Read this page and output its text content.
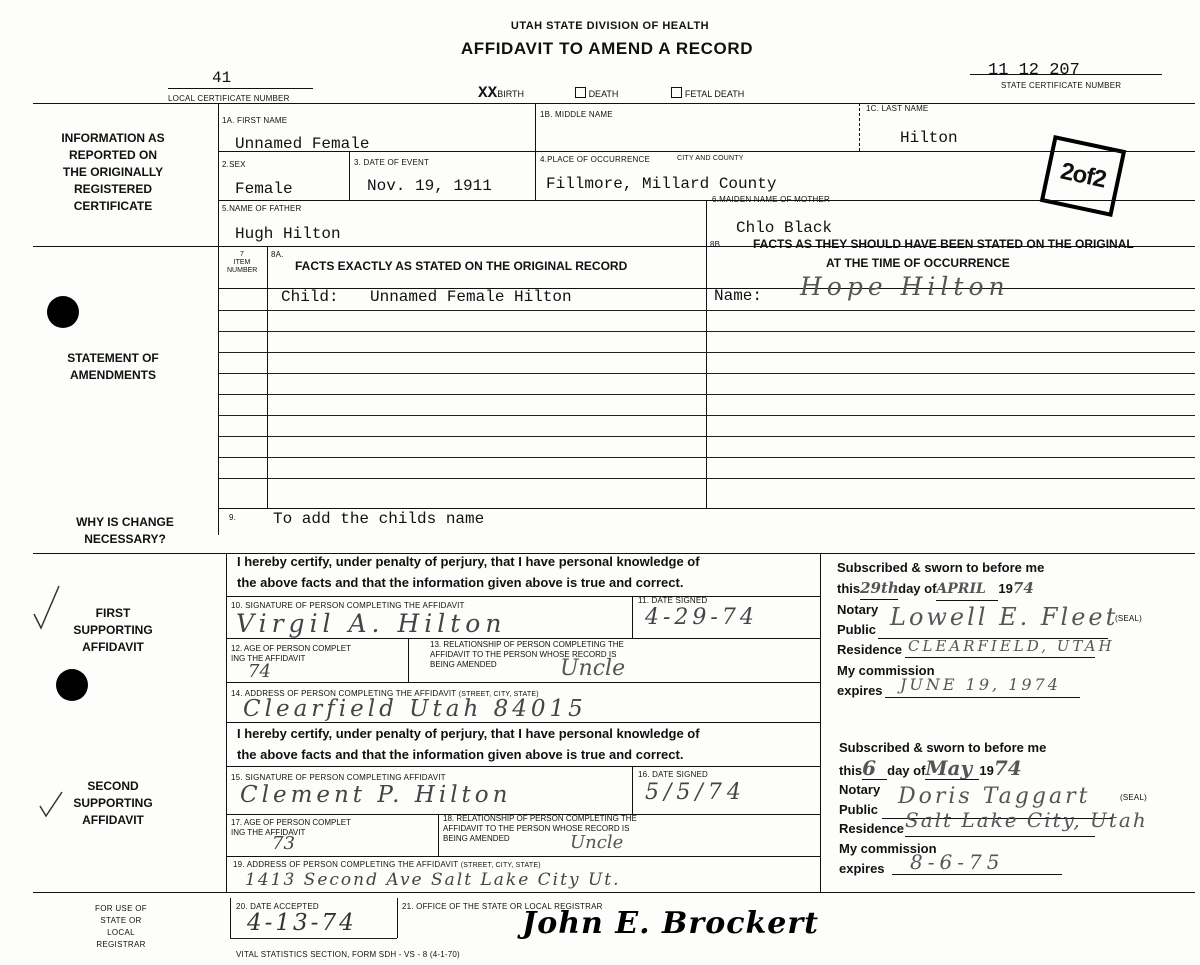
UTAH STATE DIVISION OF HEALTH
AFFIDAVIT TO AMEND A RECORD
41
LOCAL CERTIFICATE NUMBER	XXBIRTH	DEATH	FETAL DEATH
11 12 207
STATE CERTIFICATE NUMBER
2of2
INFORMATION AS REPORTED ON THE ORIGINALLY REGISTERED CERTIFICATE
STATEMENT OF AMENDMENTS
WHY IS CHANGE NECESSARY?
FIRST SUPPORTING AFFIDAVIT
SECOND SUPPORTING AFFIDAVIT
FOR USE OF STATE OR LOCAL REGISTRAR
1A. FIRST NAME
Unnamed Female
1B. MIDDLE NAME
1C. LAST NAME
Hilton
2.SEX
Female
3. DATE OF EVENT
Nov. 19, 1911
4.PLACE OF OCCURRENCE	CITY AND COUNTY
Fillmore, Millard County
5.NAME OF FATHER
Hugh Hilton
6.MAIDEN NAME OF MOTHER
Chlo Black
7
ITEM NUMBER
8A.
FACTS EXACTLY AS STATED ON THE ORIGINAL RECORD
8B.	FACTS AS THEY SHOULD HAVE BEEN STATED ON THE ORIGINAL
AT THE TIME OF OCCURRENCE
Child: Unnamed Female Hilton	Name: Hope Hilton
9. To add the childs name
I hereby certify, under penalty of perjury, that I have personal knowledge of
the above facts and that the information given above is true and correct.
10. SIGNATURE OF PERSON COMPLETING THE AFFIDAVIT
Virgil A. Hilton
11. DATE SIGNED
4-29-74
12. AGE OF PERSON COMPLET
ING THE AFFIDAVIT
74
13. RELATIONSHIP OF PERSON COMPLETING THE
AFFIDAVIT TO THE PERSON WHOSE RECORD IS
BEING AMENDED	Uncle
14. ADDRESS OF PERSON COMPLETING THE AFFIDAVIT (STREET, CITY, STATE)
Clearfield Utah 84015
Subscribed & sworn to before me
this29thday ofAPRIL 1974
Notary
Public Lowell E. Fleet
(SEAL)
Residence CLEARFIELD, UTAH
My commission
expires JUNE 19, 1974
I hereby certify, under penalty of perjury, that I have personal knowledge of
the above facts and that the information given above is true and correct.
15. SIGNATURE OF PERSON COMPLETING AFFIDAVIT
Clement P. Hilton
16. DATE SIGNED
5/5/74
17. AGE OF PERSON COMPLET
ING THE AFFIDAVIT
73
18. RELATIONSHIP OF PERSON COMPLETING THE
AFFIDAVIT TO THE PERSON WHOSE RECORD IS
BEING AMENDED	Uncle
19. ADDRESS OF PERSON COMPLETING THE AFFIDAVIT (STREET, CITY, STATE)
1413 Second Ave Salt Lake City Ut.
Subscribed & sworn to before me
this6 day ofMay 1974
Notary
Public
Doris Taggart	(SEAL)
Residence Salt Lake City, Utah
My commission
expires 8-6-75
20. DATE ACCEPTED
4-13-74
21. OFFICE OF THE STATE OR LOCAL REGISTRAR
John E. Brockert
VITAL STATISTICS SECTION, FORM SDH - VS - 8 (4-1-70)
